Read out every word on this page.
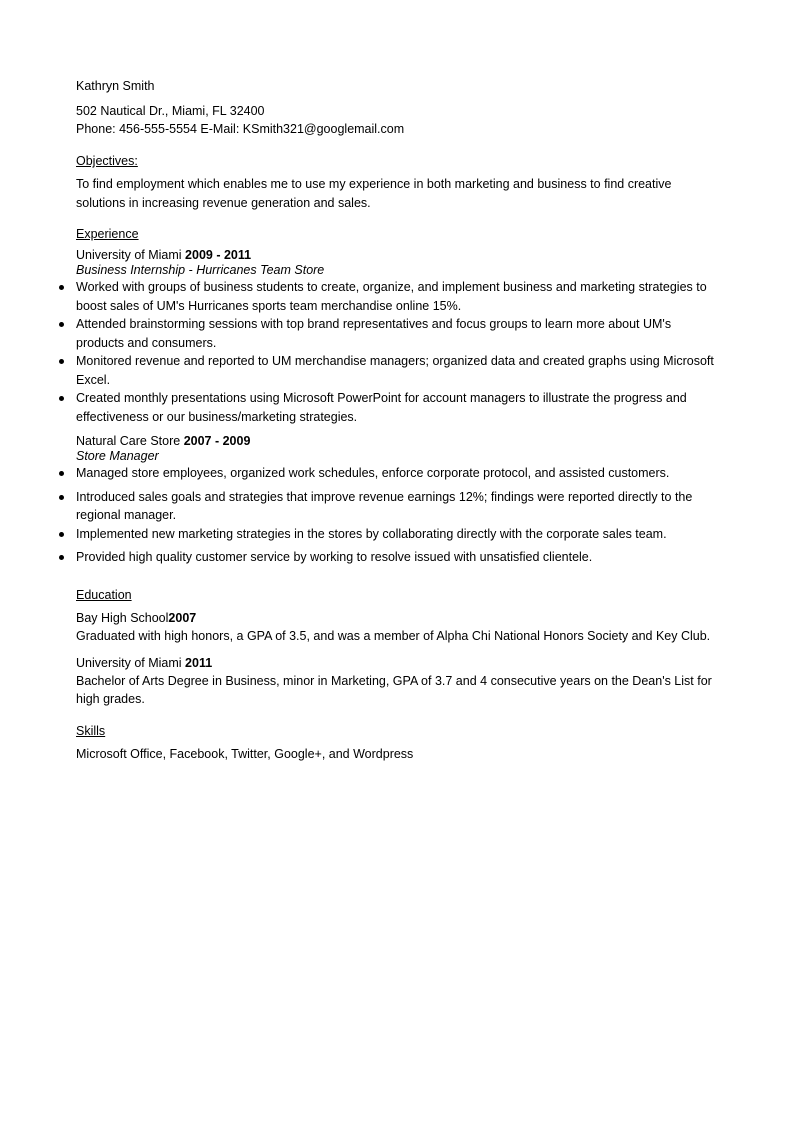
Kathryn Smith

502 Nautical Dr., Miami, FL 32400

Phone: 456-555-5554 E-Mail: KSmith321@googlemail.com

Objectives:

To find employment which enables me to use my experience in both marketing and business to find creative solutions in increasing revenue generation and sales.

Experience

University of Miami 2009 - 2011

Business Internship - Hurricanes Team Store

Worked with groups of business students to create, organize, and implement business and marketing strategies to boost sales of UM's Hurricanes sports team merchandise online 15%.
Attended brainstorming sessions with top brand representatives and focus groups to learn more about UM's products and consumers.
Monitored revenue and reported to UM merchandise managers; organized data and created graphs using Microsoft Excel.
Created monthly presentations using Microsoft PowerPoint for account managers to illustrate the progress and effectiveness or our business/marketing strategies.

Natural Care Store 2007 - 2009

Store Manager

Managed store employees, organized work schedules, enforce corporate protocol, and assisted customers.
Introduced sales goals and strategies that improve revenue earnings 12%; findings were reported directly to the regional manager.
Implemented new marketing strategies in the stores by collaborating directly with the corporate sales team.
Provided high quality customer service by working to resolve issued with unsatisfied clientele.

Education

Bay High School2007

Graduated with high honors, a GPA of 3.5, and was a member of Alpha Chi National Honors Society and Key Club.

University of Miami 2011

Bachelor of Arts Degree in Business, minor in Marketing, GPA of 3.7 and 4 consecutive years on the Dean's List for high grades.

Skills

Microsoft Office, Facebook, Twitter, Google+, and Wordpress
